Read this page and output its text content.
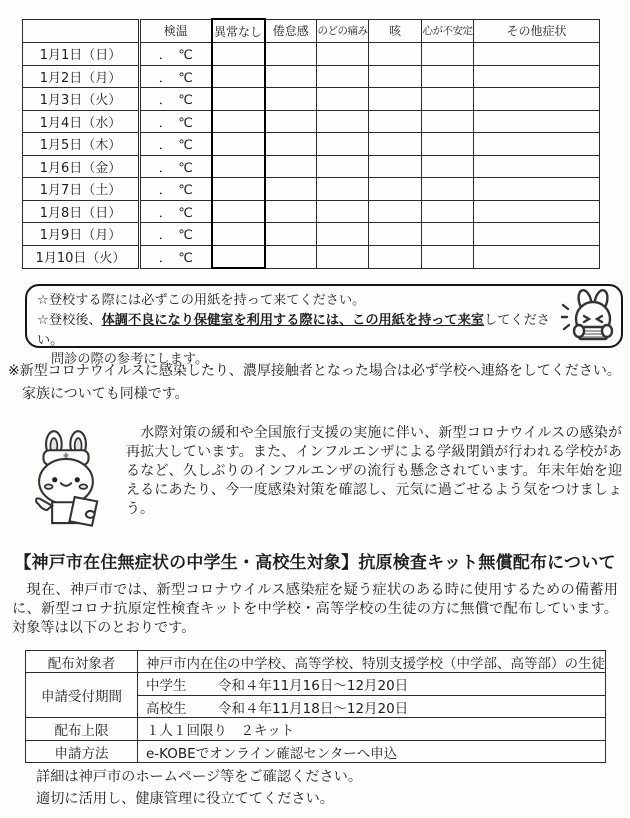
	検温	異常なし	倦怠感	のどの痛み	咳	心が不安定	その他症状
1月1日（日）	．　℃						
1月2日（月）	．　℃						
1月3日（火）	．　℃						
1月4日（水）	．　℃						
1月5日（木）	．　℃						
1月6日（金）	．　℃						
1月7日（土）	．　℃						
1月8日（日）	．　℃						
1月9日（月）	．　℃						
1月10日（火）	．　℃						
☆登校する際には必ずこの用紙を持って来てください。
☆登校後、体調不良になり保健室を利用する際には、この用紙を持って来室してください。
問診の際の参考にします。
※新型コロナウイルスに感染したり、濃厚接触者となった場合は必ず学校へ連絡をしてください。
家族についても同様です。

　水際対策の緩和や全国旅行支援の実施に伴い、新型コロナウイルスの感染が再拡大しています。また、インフルエンザによる学級閉鎖が行われる学校があるなど、久しぶりのインフルエンザの流行も懸念されています。年末年始を迎えるにあたり、今一度感染対策を確認し、元気に過ごせるよう気をつけましょう。

【神戸市在住無症状の中学生・高校生対象】抗原検査キット無償配布について

　現在、神戸市では、新型コロナウイルス感染症を疑う症状のある時に使用するための備蓄用に、新型コロナ抗原定性検査キットを中学校・高等学校の生徒の方に無償で配布しています。対象等は以下のとおりです。

配布対象者	神戸市内在住の中学校、高等学校、特別支援学校（中学部、高等部）の生徒
申請受付期間	中学生 令和４年11月16日～12月20日
	高校生 令和４年11月18日～12月20日
配布上限	１人１回限り　２キット
申請方法	e-KOBEでオンライン確認センターへ申込
詳細は神戸市のホームページ等をご確認ください。
適切に活用し、健康管理に役立ててください。
